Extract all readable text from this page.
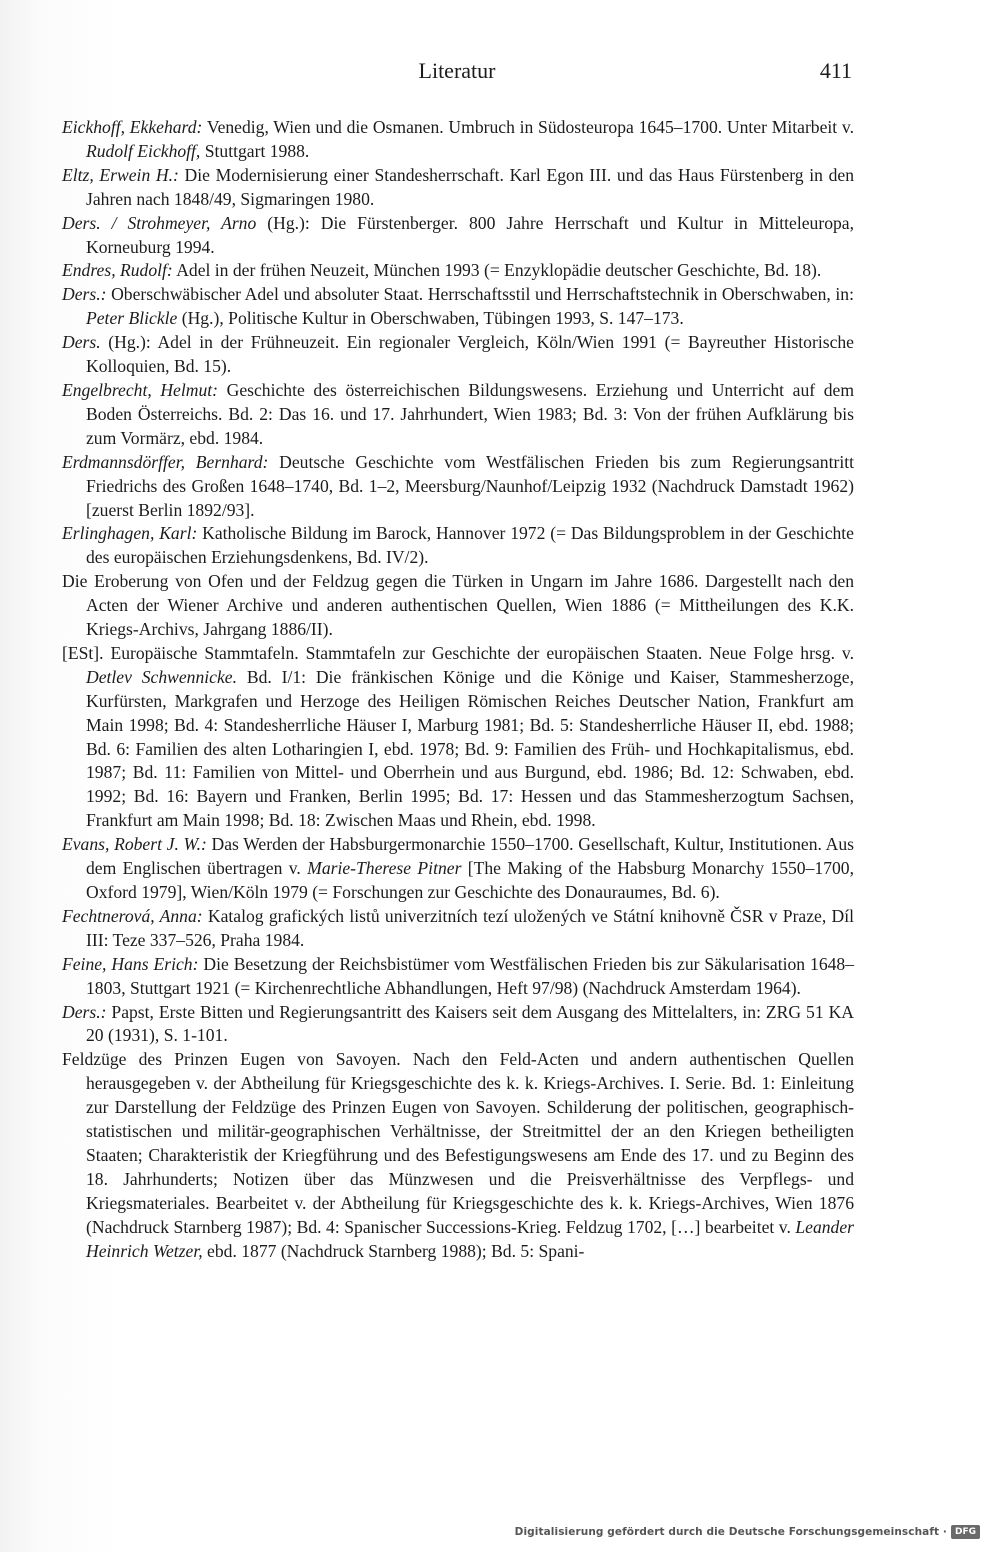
Literatur	411

Eickhoff, Ekkehard: Venedig, Wien und die Osmanen. Umbruch in Südosteuropa 1645–1700. Unter Mitarbeit v. Rudolf Eickhoff, Stuttgart 1988.

Eltz, Erwein H.: Die Modernisierung einer Standesherrschaft. Karl Egon III. und das Haus Fürstenberg in den Jahren nach 1848/49, Sigmaringen 1980.

Ders. / Strohmeyer, Arno (Hg.): Die Fürstenberger. 800 Jahre Herrschaft und Kultur in Mitteleuropa, Korneuburg 1994.

Endres, Rudolf: Adel in der frühen Neuzeit, München 1993 (= Enzyklopädie deutscher Geschichte, Bd. 18).

Ders.: Oberschwäbischer Adel und absoluter Staat. Herrschaftsstil und Herrschaftstechnik in Oberschwaben, in: Peter Blickle (Hg.), Politische Kultur in Oberschwaben, Tübingen 1993, S. 147–173.

Ders. (Hg.): Adel in der Frühneuzeit. Ein regionaler Vergleich, Köln/Wien 1991 (= Bayreuther Historische Kolloquien, Bd. 15).

Engelbrecht, Helmut: Geschichte des österreichischen Bildungswesens. Erziehung und Unterricht auf dem Boden Österreichs. Bd. 2: Das 16. und 17. Jahrhundert, Wien 1983; Bd. 3: Von der frühen Aufklärung bis zum Vormärz, ebd. 1984.

Erdmannsdörffer, Bernhard: Deutsche Geschichte vom Westfälischen Frieden bis zum Regierungsantritt Friedrichs des Großen 1648–1740, Bd. 1–2, Meersburg/Naunhof/Leipzig 1932 (Nachdruck Damstadt 1962) [zuerst Berlin 1892/93].

Erlinghagen, Karl: Katholische Bildung im Barock, Hannover 1972 (= Das Bildungsproblem in der Geschichte des europäischen Erziehungsdenkens, Bd. IV/2).

Die Eroberung von Ofen und der Feldzug gegen die Türken in Ungarn im Jahre 1686. Dargestellt nach den Acten der Wiener Archive und anderen authentischen Quellen, Wien 1886 (= Mittheilungen des K.K. Kriegs-Archivs, Jahrgang 1886/II).

[ESt]. Europäische Stammtafeln. Stammtafeln zur Geschichte der europäischen Staaten. Neue Folge hrsg. v. Detlev Schwennicke. Bd. I/1: Die fränkischen Könige und die Könige und Kaiser, Stammesherzoge, Kurfürsten, Markgrafen und Herzoge des Heiligen Römischen Reiches Deutscher Nation, Frankfurt am Main 1998; Bd. 4: Standesherrliche Häuser I, Marburg 1981; Bd. 5: Standesherrliche Häuser II, ebd. 1988; Bd. 6: Familien des alten Lotharingien I, ebd. 1978; Bd. 9: Familien des Früh- und Hochkapitalismus, ebd. 1987; Bd. 11: Familien von Mittel- und Oberrhein und aus Burgund, ebd. 1986; Bd. 12: Schwaben, ebd. 1992; Bd. 16: Bayern und Franken, Berlin 1995; Bd. 17: Hessen und das Stammesherzogtum Sachsen, Frankfurt am Main 1998; Bd. 18: Zwischen Maas und Rhein, ebd. 1998.

Evans, Robert J. W.: Das Werden der Habsburgermonarchie 1550–1700. Gesellschaft, Kultur, Institutionen. Aus dem Englischen übertragen v. Marie-Therese Pitner [The Making of the Habsburg Monarchy 1550–1700, Oxford 1979], Wien/Köln 1979 (= Forschungen zur Geschichte des Donauraumes, Bd. 6).

Fechtnerová, Anna: Katalog grafických listů univerzitních tezí uložených ve Státní knihovně ČSR v Praze, Díl III: Teze 337–526, Praha 1984.

Feine, Hans Erich: Die Besetzung der Reichsbistümer vom Westfälischen Frieden bis zur Säkularisation 1648–1803, Stuttgart 1921 (= Kirchenrechtliche Abhandlungen, Heft 97/98) (Nachdruck Amsterdam 1964).

Ders.: Papst, Erste Bitten und Regierungsantritt des Kaisers seit dem Ausgang des Mittelalters, in: ZRG 51 KA 20 (1931), S. 1-101.

Feldzüge des Prinzen Eugen von Savoyen. Nach den Feld-Acten und andern authentischen Quellen herausgegeben v. der Abtheilung für Kriegsgeschichte des k. k. Kriegs-Archives. I. Serie. Bd. 1: Einleitung zur Darstellung der Feldzüge des Prinzen Eugen von Savoyen. Schilderung der politischen, geographisch-statistischen und militär-geographischen Verhältnisse, der Streitmittel der an den Kriegen betheiligten Staaten; Charakteristik der Kriegführung und des Befestigungswesens am Ende des 17. und zu Beginn des 18. Jahrhunderts; Notizen über das Münzwesen und die Preisverhältnisse des Verpflegs- und Kriegsmateriales. Bearbeitet v. der Abtheilung für Kriegsgeschichte des k. k. Kriegs-Archives, Wien 1876 (Nachdruck Starnberg 1987); Bd. 4: Spanischer Successions-Krieg. Feldzug 1702, […] bearbeitet v. Leander Heinrich Wetzer, ebd. 1877 (Nachdruck Starnberg 1988); Bd. 5: Spani-

Digitalisierung gefördert durch die Deutsche Forschungsgemeinschaft · DFG
